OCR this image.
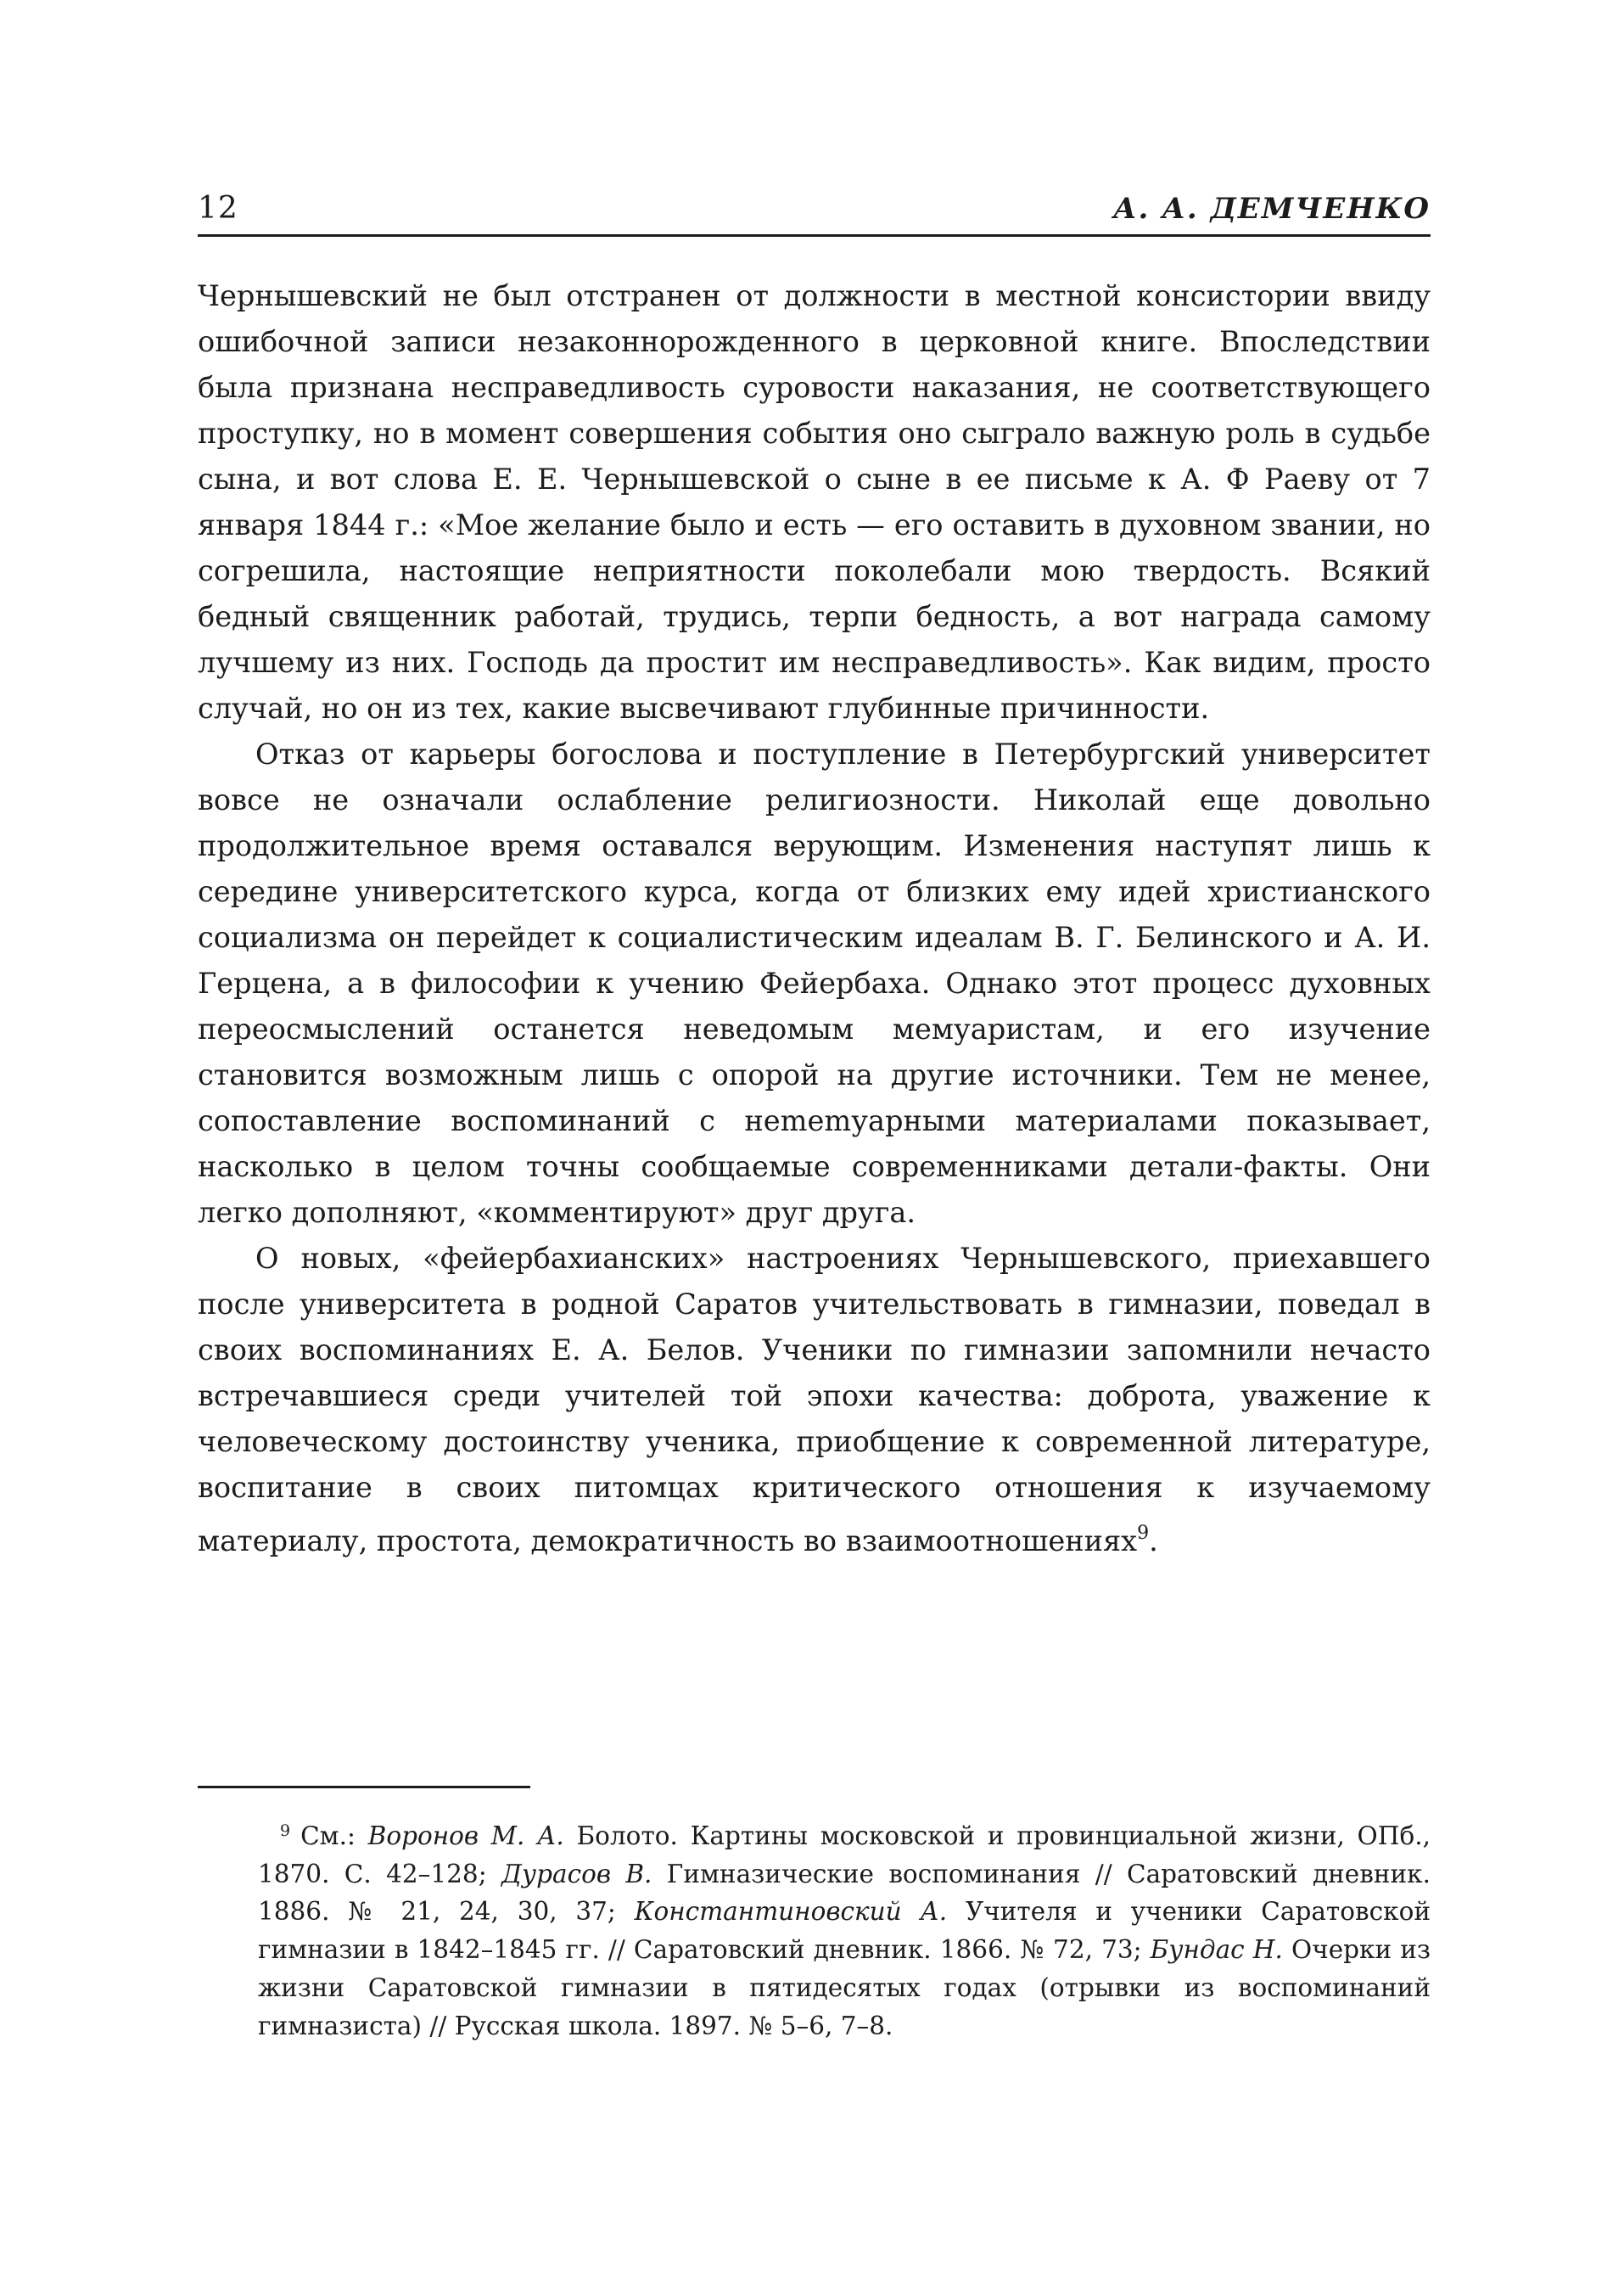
12	А. А. ДЕМЧЕНКО

Чернышевский не был отстранен от должности в местной консистории ввиду ошибочной записи незаконнорожденного в церковной книге. Впоследствии была признана несправедливость суровости наказания, не соответствующего проступку, но в момент совершения события оно сыграло важную роль в судьбе сына, и вот слова Е. Е. Чернышевской о сыне в ее письме к А. Ф Раеву от 7 января 1844 г.: «Мое желание было и есть — его оставить в духовном звании, но согрешила, настоящие неприятности поколебали мою твердость. Всякий бедный священник работай, трудись, терпи бедность, а вот награда самому лучшему из них. Господь да простит им несправедливость». Как видим, просто случай, но он из тех, какие высвечивают глубинные причинности.

Отказ от карьеры богослова и поступление в Петербургский университет вовсе не означали ослабление религиозности. Николай еще довольно продолжительное время оставался верующим. Изменения наступят лишь к середине университетского курса, когда от близких ему идей христианского социализма он перейдет к социалистическим идеалам В. Г. Белинского и А. И. Герцена, а в философии к учению Фейербаха. Однако этот процесс духовных переосмыслений останется неведомым мемуаристам, и его изучение становится возможным лишь с опорой на другие источники. Тем не менее, сопоставление воспоминаний с нememуарными материалами показывает, насколько в целом точны сообщаемые современниками детали-факты. Они легко дополняют, «комментируют» друг друга.

О новых, «фейербахианских» настроениях Чернышевского, приехавшего после университета в родной Саратов учительствовать в гимназии, поведал в своих воспоминаниях Е. А. Белов. Ученики по гимназии запомнили нечасто встречавшиеся среди учителей той эпохи качества: доброта, уважение к человеческому достоинству ученика, приобщение к современной литературе, воспитание в своих питомцах критического отношения к изучаемому материалу, простота, демократичность во взаимоотношениях$^9$.

$^9$ См.: Воронов М. А. Болото. Картины московской и провинциальной жизни, ОПб., 1870. С. 42–128; Дурасов В. Гимназические воспоминания // Саратовский дневник. 1886. № 21, 24, 30, 37; Константиновский А. Учителя и ученики Саратовской гимназии в 1842–1845 гг. // Саратовский дневник. 1866. № 72, 73; Бундас Н. Очерки из жизни Саратовской гимназии в пятидесятых годах (отрывки из воспоминаний гимназиста) // Русская школа. 1897. № 5–6, 7–8.
